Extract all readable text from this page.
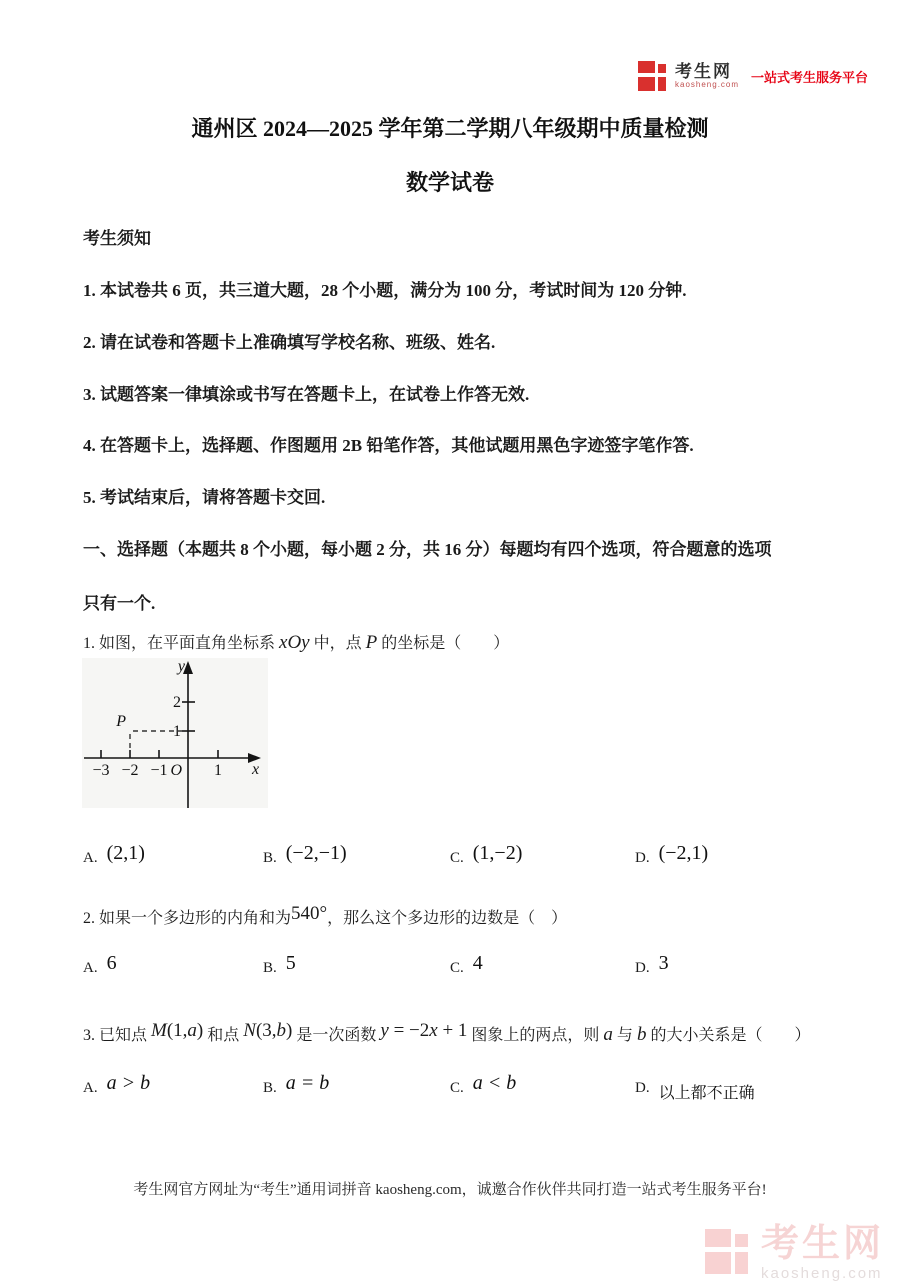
考生网
kaosheng.com 一站式考生服务平台
通州区 2024—2025 学年第二学期八年级期中质量检测
数学试卷
考生须知
1. 本试卷共 6 页，共三道大题，28 个小题，满分为 100 分，考试时间为 120 分钟.
2. 请在试卷和答题卡上准确填写学校名称、班级、姓名.
3. 试题答案一律填涂或书写在答题卡上，在试卷上作答无效.
4. 在答题卡上，选择题、作图题用 2B 铅笔作答，其他试题用黑色字迹签字笔作答.
5. 考试结束后，请将答题卡交回.
一、选择题（本题共 8 个小题，每小题 2 分，共 16 分）每题均有四个选项，符合题意的选项
只有一个.
1. 如图，在平面直角坐标系 xOy 中，点 P 的坐标是（　　）
−3 −2 −1	1
2
1
O	x
y
P
A. (2,1)	B. (−2,−1)	C. (1,−2)	D. (−2,1)
2. 如果一个多边形的内角和为540°，那么这个多边形的边数是（　）
A. 6	B. 5	C. 4	D. 3
3. 已知点 M(1,a) 和点 N(3,b) 是一次函数 y = −2x + 1 图象上的两点，则 a 与 b 的大小关系是（　　）
A. a > b	B. a = b	C. a < b	D. 以上都不正确
考生网官方网址为“考生”通用词拼音 kaosheng.com，诚邀合作伙伴共同打造一站式考生服务平台!
考生网
kaosheng.com
